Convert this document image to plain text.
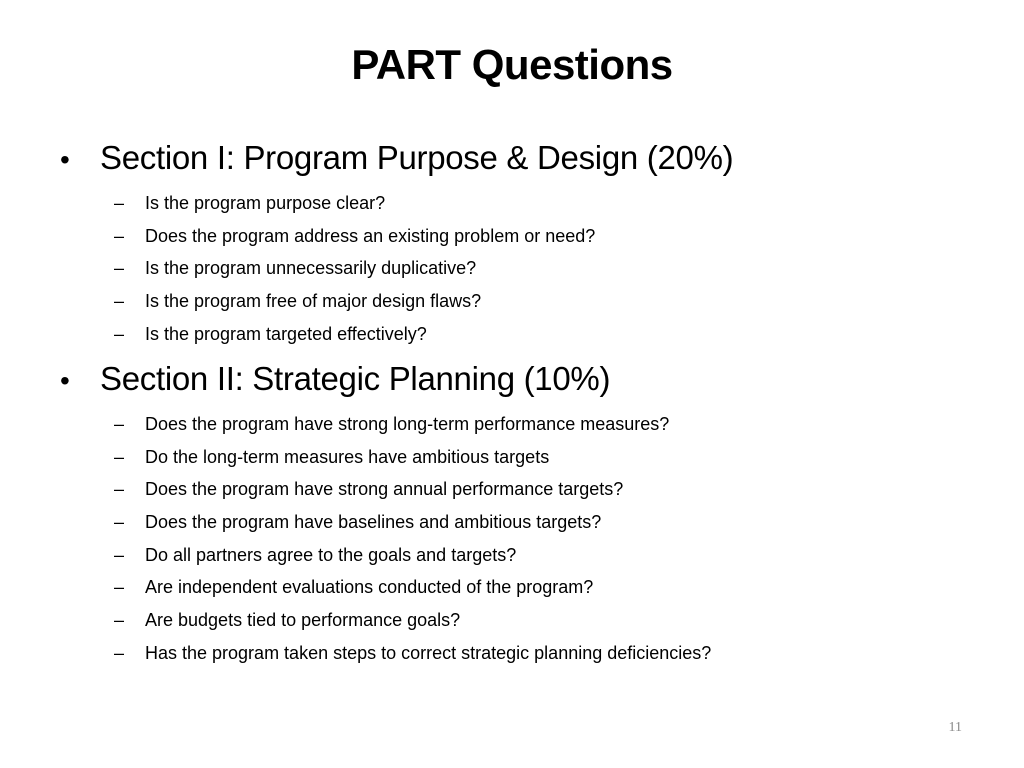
PART Questions
• Section I: Program Purpose & Design (20%)
–	Is the program purpose clear?
–	Does the program address an existing problem or need?
–	Is the program unnecessarily duplicative?
–	Is the program free of major design flaws?
–	Is the program targeted effectively?
• Section II: Strategic Planning (10%)
–	Does the program have strong long-term performance measures?
–	Do the long-term measures have ambitious targets
–	Does the program have strong annual performance targets?
–	Does the program have baselines and ambitious targets?
–	Do all partners agree to the goals and targets?
–	Are independent evaluations conducted of the program?
–	Are budgets tied to performance goals?
–	Has the program taken steps to correct strategic planning deficiencies?
11
